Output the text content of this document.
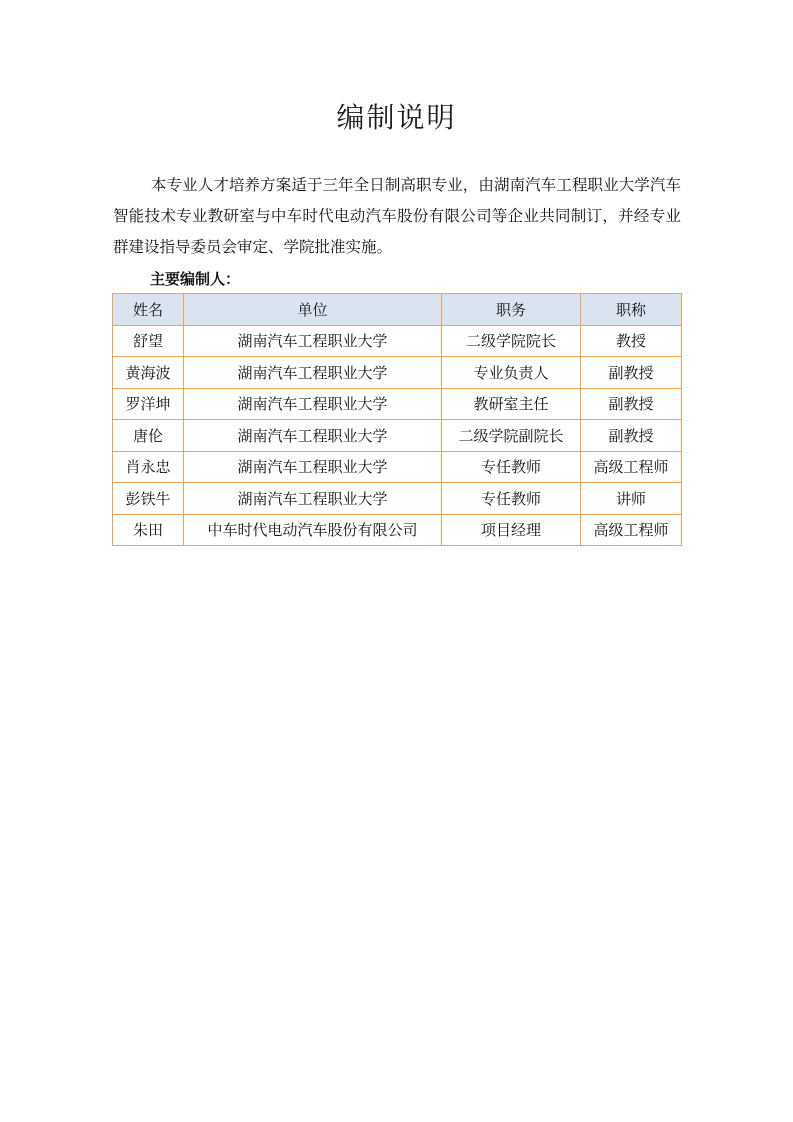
编制说明

本专业人才培养方案适于三年全日制高职专业，由湖南汽车工程职业大学汽车智能技术专业教研室与中车时代电动汽车股份有限公司等企业共同制订，并经专业群建设指导委员会审定、学院批准实施。

主要编制人：
姓名	单位	职务	职称
舒望	湖南汽车工程职业大学	二级学院院长	教授
黄海波	湖南汽车工程职业大学	专业负责人	副教授
罗洋坤	湖南汽车工程职业大学	教研室主任	副教授
唐伦	湖南汽车工程职业大学	二级学院副院长	副教授
肖永忠	湖南汽车工程职业大学	专任教师	高级工程师
彭铁牛	湖南汽车工程职业大学	专任教师	讲师
朱田	中车时代电动汽车股份有限公司	项目经理	高级工程师
